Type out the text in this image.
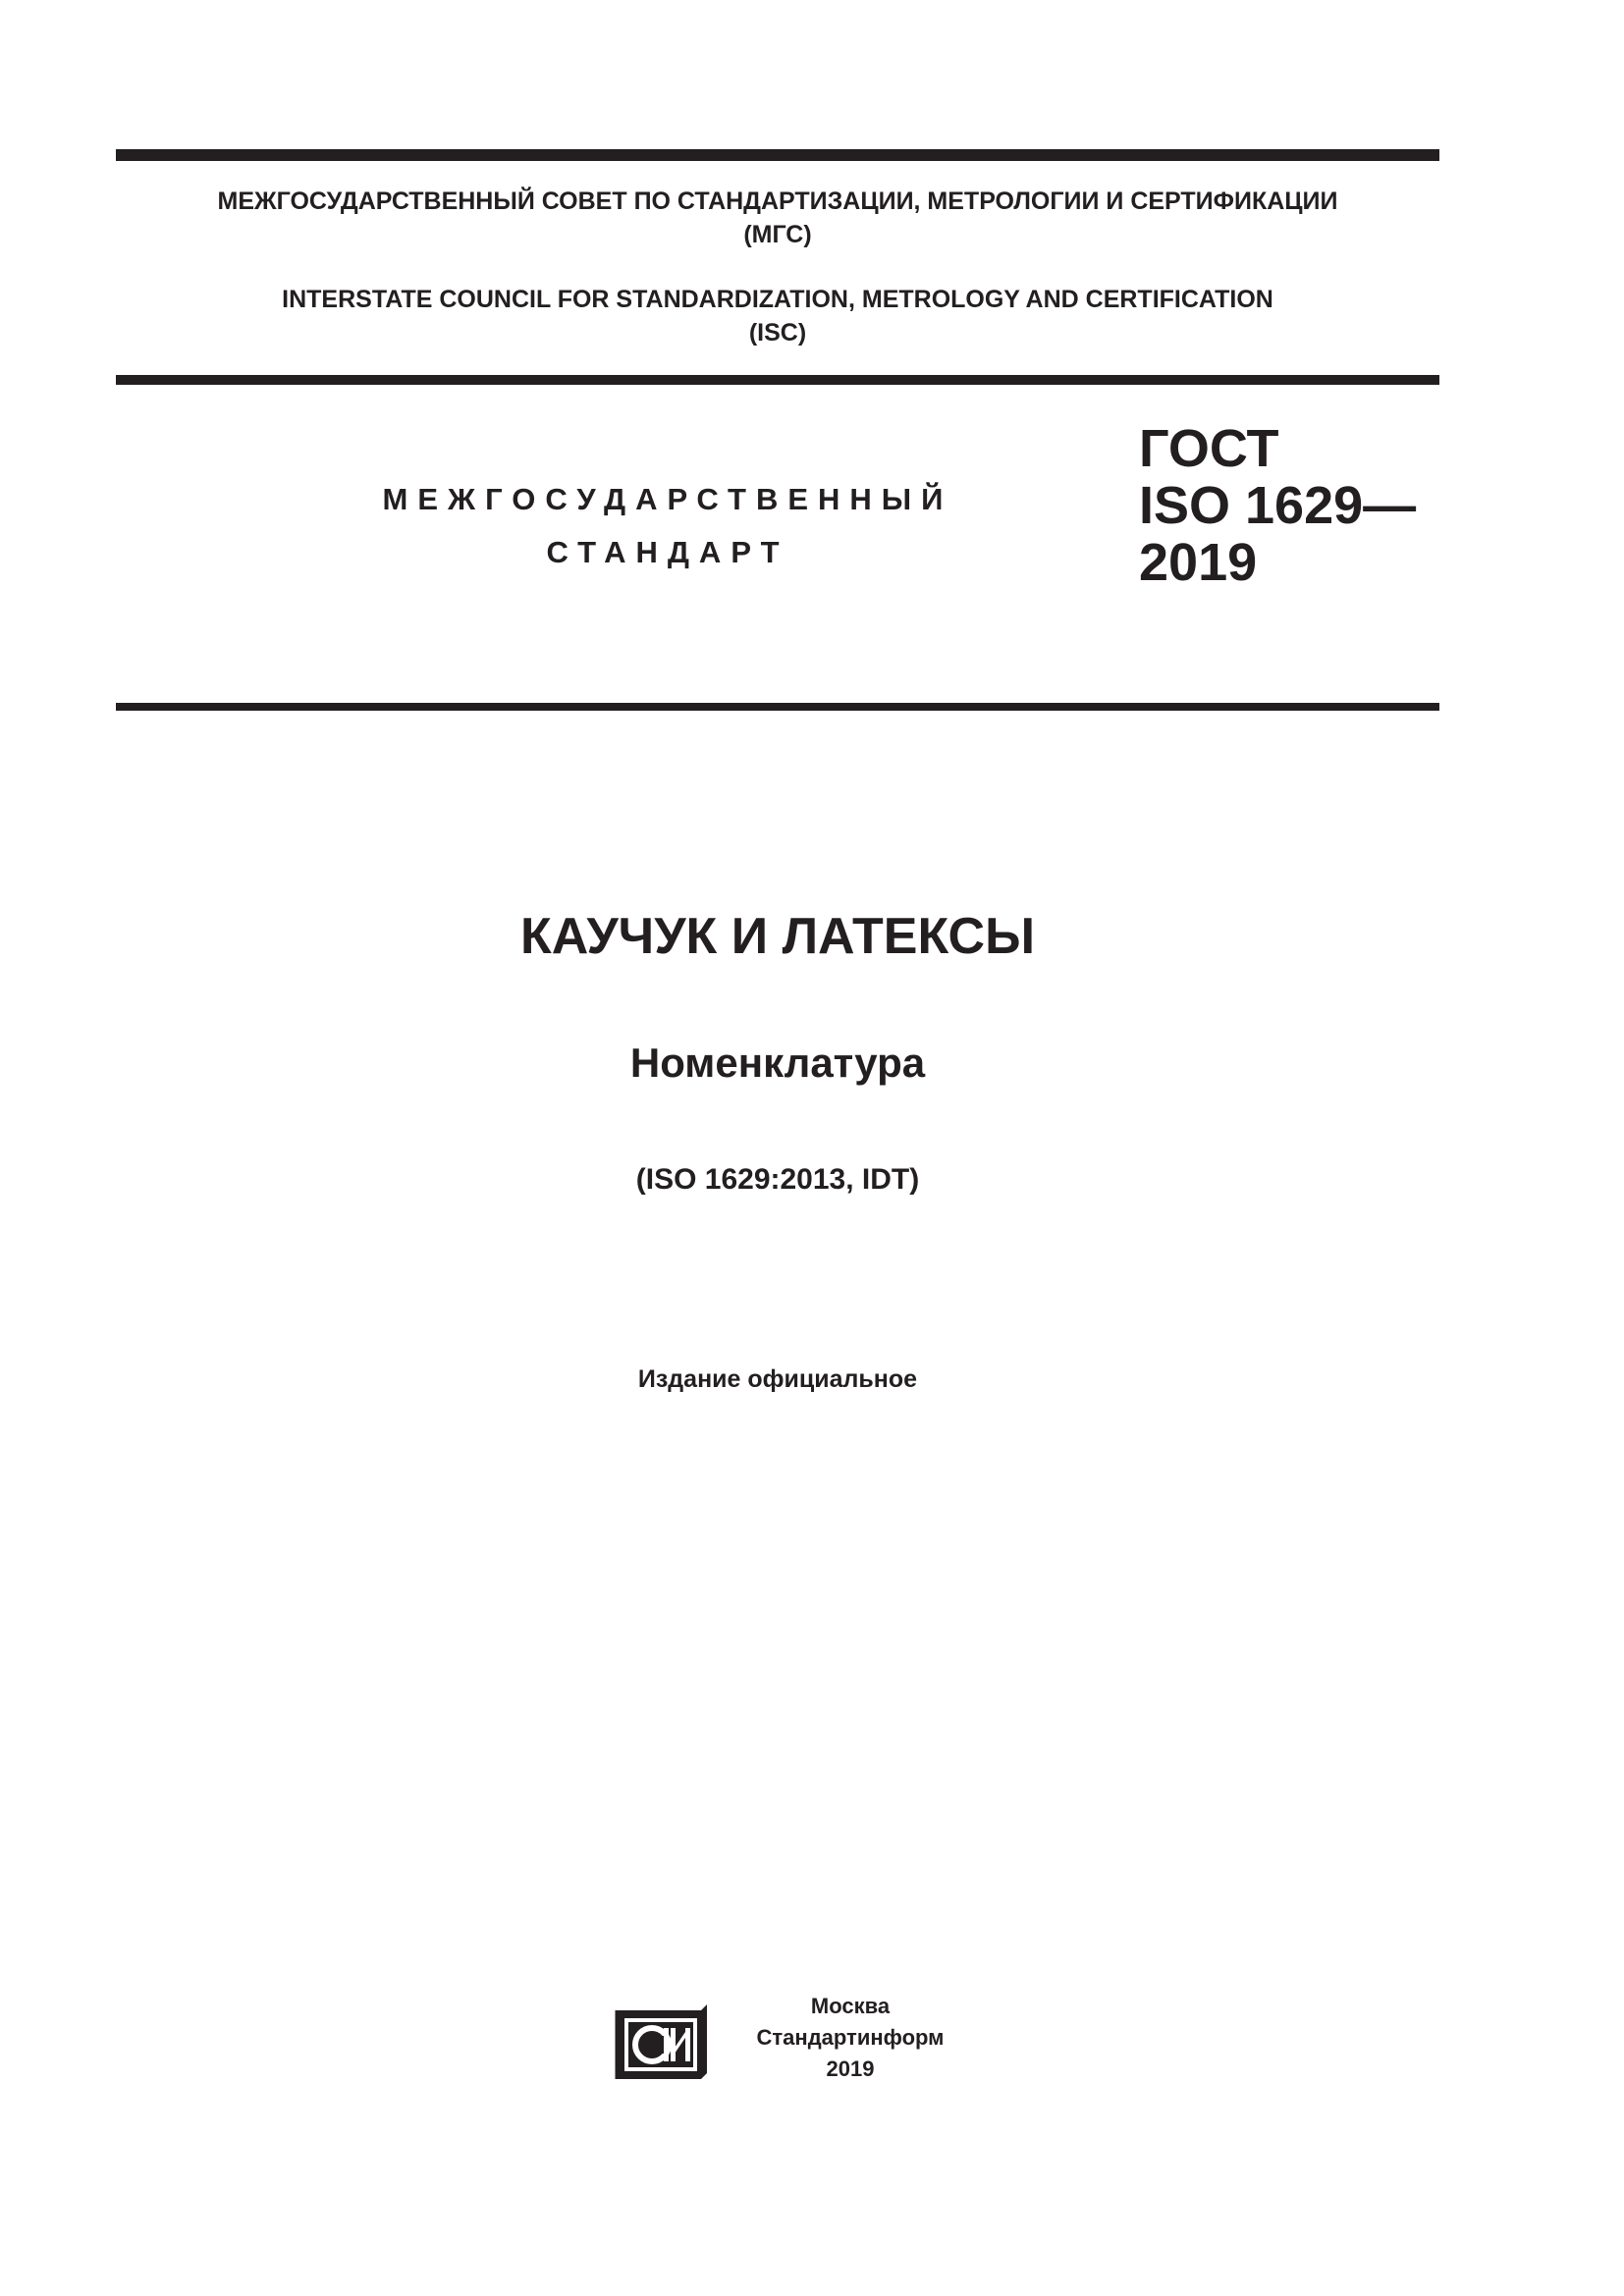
МЕЖГОСУДАРСТВЕННЫЙ СОВЕТ ПО СТАНДАРТИЗАЦИИ, МЕТРОЛОГИИ И СЕРТИФИКАЦИИ
(МГС)
INTERSTATE COUNCIL FOR STANDARDIZATION, METROLOGY AND CERTIFICATION
(ISC)
МЕЖГОСУДАРСТВЕННЫЙ
СТАНДАРТ
ГОСТ
ISO 1629—
2019
КАУЧУК И ЛАТЕКСЫ
Номенклатура
(ISO 1629:2013, IDT)
Издание официальное
Москва
Стандартинформ
2019
